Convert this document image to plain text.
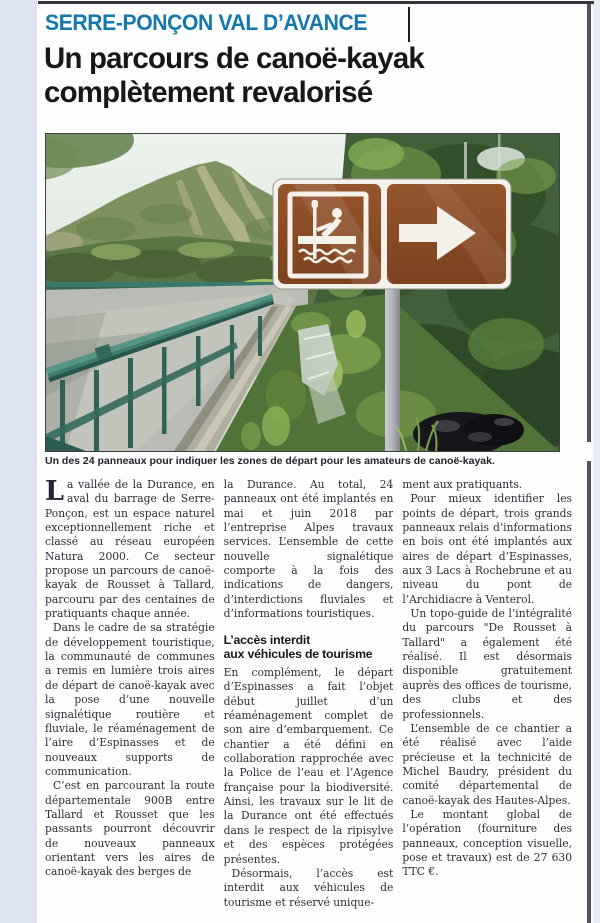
SERRE-PONÇON VAL D’AVANCE
Un parcours de canoë-kayak
complètement revalorisé
Un des 24 panneaux pour indiquer les zones de départ pour les amateurs de canoë-kayak.

La vallée de la Durance, en aval du barrage de Serre-Ponçon, est un espace naturel exceptionnellement riche et classé au réseau européen Natura 2000. Ce secteur propose un parcours de canoë-kayak de Rousset à Tallard, parcouru par des centaines de pratiquants chaque année.

Dans le cadre de sa stratégie de développement touristique, la communauté de communes a remis en lumière trois aires de départ de canoë-kayak avec la pose d’une nouvelle signalétique routière et fluviale, le réaménagement de l’aire d’Espinasses et de nouveaux supports de communication.

C’est en parcourant la route départementale 900B entre Tallard et Rousset que les passants pourront découvrir de nouveaux panneaux orientant vers les aires de canoë-kayak des berges de

la Durance. Au total, 24 panneaux ont été implantés en mai et juin 2018 par l’entreprise Alpes travaux services. L’ensemble de cette nouvelle signalétique comporte à la fois des indications de dangers, d’interdictions fluviales et d’informations touristiques.

L’accès interdit
aux véhicules de tourisme

En complément, le départ d’Espinasses a fait l’objet début juillet d’un réaménagement complet de son aire d’embarquement. Ce chantier a été défini en collaboration rapprochée avec la Police de l’eau et l’Agence française pour la biodiversité. Ainsi, les travaux sur le lit de la Durance ont été effectués dans le respect de la ripisylve et des espèces protégées présentes.

Désormais, l’accès est interdit aux véhicules de tourisme et réservé unique-

ment aux pratiquants.

Pour mieux identifier les points de départ, trois grands panneaux relais d’informations en bois ont été implantés aux aires de départ d’Espinasses, aux 3 Lacs à Rochebrune et au niveau du pont de l’Archidiacre à Venterol.

Un topo-guide de l’intégralité du parcours "De Rousset à Tallard" a également été réalisé. Il est désormais disponible gratuitement auprès des offices de tourisme, des clubs et des professionnels.

L’ensemble de ce chantier a été réalisé avec l’aide précieuse et la technicité de Michel Baudry, président du comité départemental de canoë-kayak des Hautes-Alpes.

Le montant global de l’opération (fourniture des panneaux, conception visuelle, pose et travaux) est de 27 630 TTC €.
